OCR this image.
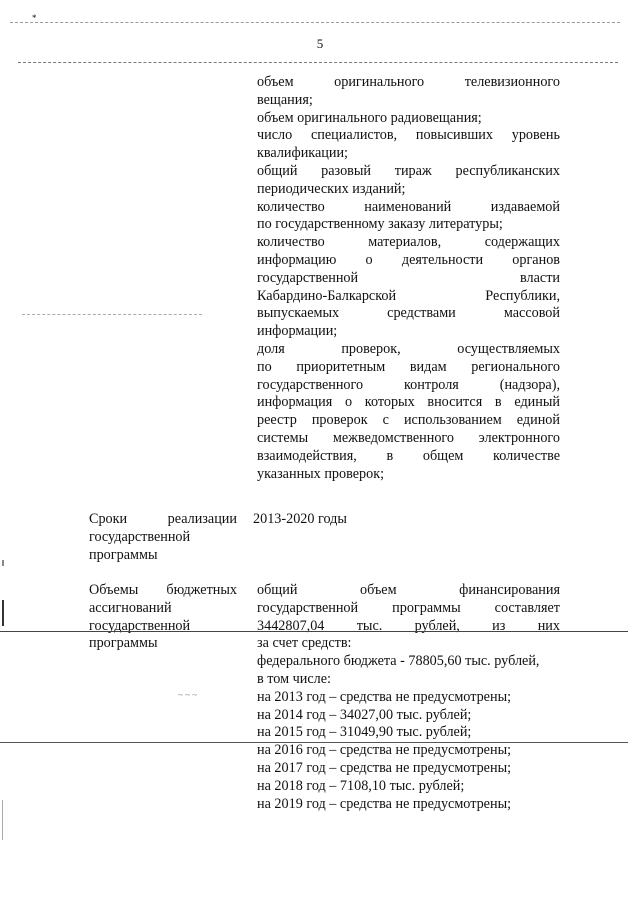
*
5
объем оригинального телевизионного
вещания;
объем оригинального радиовещания;
число специалистов, повысивших уровень
квалификации;
общий разовый тираж республиканских
периодических изданий;
количество наименований издаваемой
по государственному заказу литературы;
количество материалов, содержащих
информацию о деятельности органов
государственной власти
Кабардино-Балкарской Республики,
выпускаемых средствами массовой
информации;
доля проверок, осуществляемых
по приоритетным видам регионального
государственного контроля (надзора),
информация о которых вносится в единый
реестр проверок с использованием единой
системы межведомственного электронного
взаимодействия, в общем количестве
указанных проверок;
Сроки реализации
государственной
программы
2013-2020 годы
Объемы бюджетных
ассигнований
государственной
программы
общий объем финансирования
государственной программы составляет
3442807,04 тыс. рублей, из них
за счет средств:
федерального бюджета - 78805,60 тыс. рублей,
в том числе:
на 2013 год – средства не предусмотрены;
на 2014 год – 34027,00 тыс. рублей;
на 2015 год – 31049,90 тыс. рублей;
на 2016 год – средства не предусмотрены;
на 2017 год – средства не предусмотрены;
на 2018 год – 7108,10 тыс. рублей;
на 2019 год – средства не предусмотрены;
~ ~ ~
